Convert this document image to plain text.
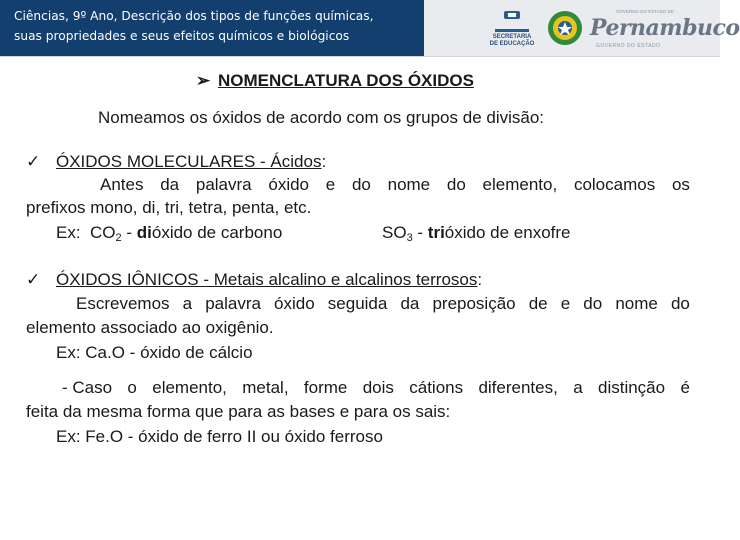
Ciências, 9º Ano, Descrição dos tipos de funções químicas,
suas propriedades e seus efeitos químicos e biológicos	SECRETARIA
DE EDUCAÇÃO
GOVERNO DO ESTADO DE
Pernambuco
GOVERNO DO ESTADO
➢ NOMENCLATURA DOS ÓXIDOS
Nomeamos os óxidos de acordo com os grupos de divisão:
✓ ÓXIDOS MOLECULARES - Ácidos:
Antes da palavra óxido e do nome do elemento, colocamos os
prefixos mono, di, tri, tetra, penta, etc.
Ex: $CO_2$ - dióxido de carbono	$SO_3$ - trióxido de enxofre
✓ ÓXIDOS IÔNICOS - Metais alcalino e alcalinos terrosos:
Escrevemos a palavra óxido seguida da preposição de e do nome do
elemento associado ao oxigênio.
Ex: Ca.O - óxido de cálcio
- Caso o elemento, metal, forme dois cátions diferentes, a distinção é
feita da mesma forma que para as bases e para os sais:
Ex: Fe.O - óxido de ferro II ou óxido ferroso
